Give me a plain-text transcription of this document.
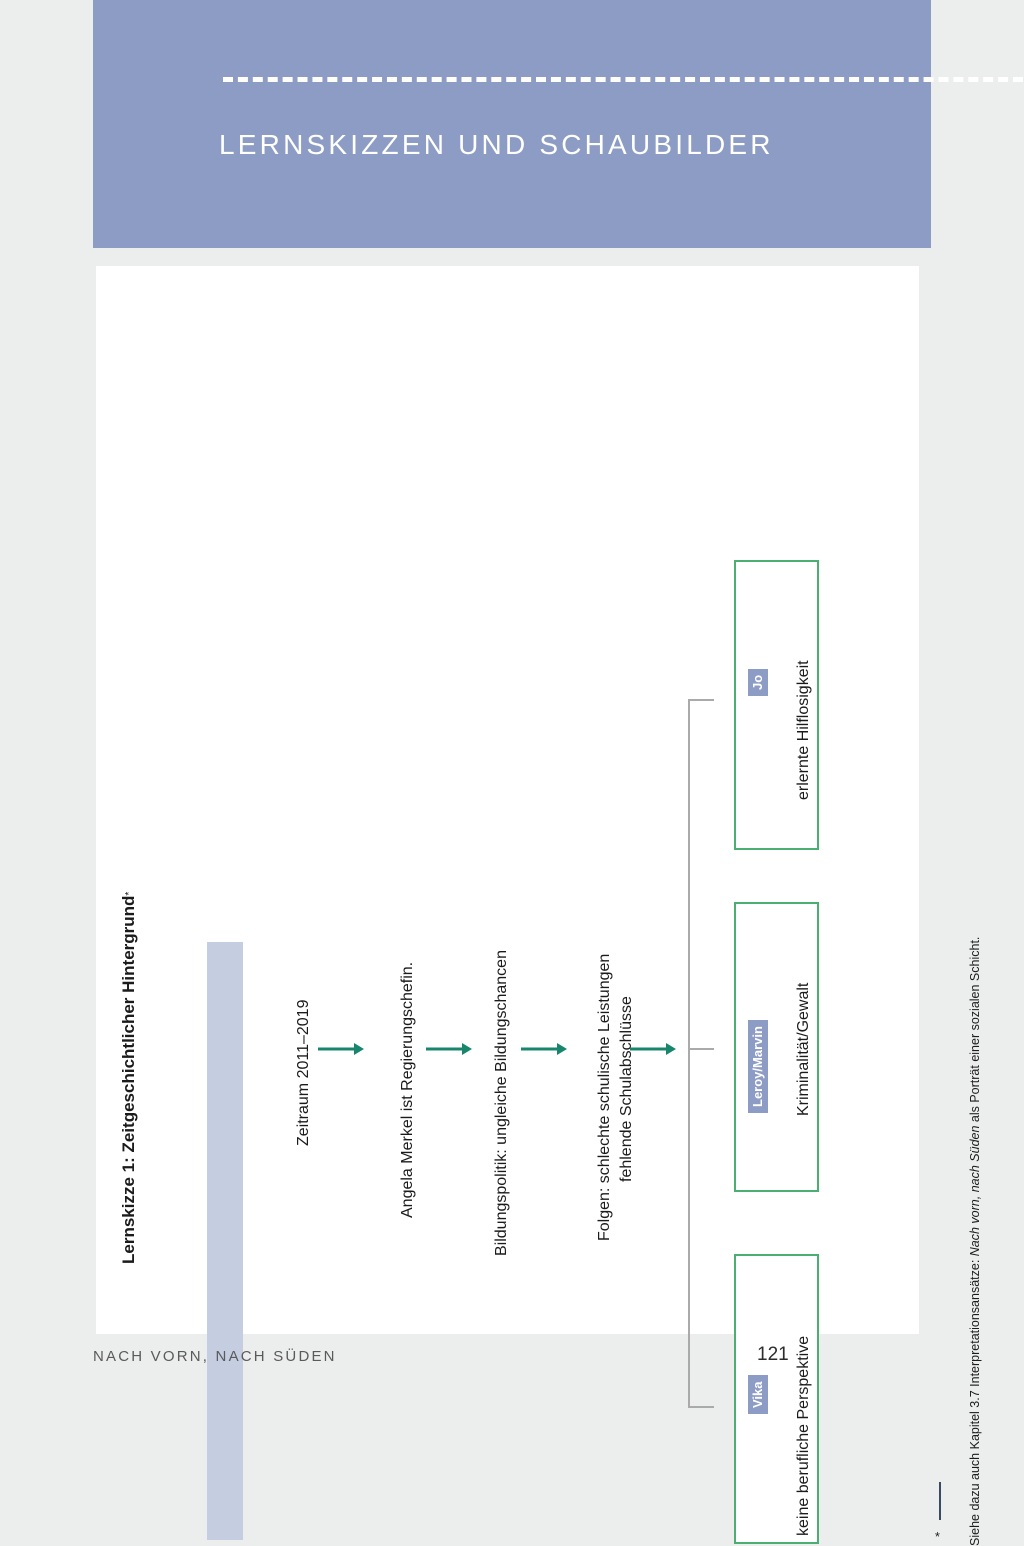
LERNSKIZZEN UND SCHAUBILDER
Zeitraum 2011–2019	Angela Merkel ist Regierungschefin.	Bildungspolitik: ungleiche Bildungschancen	Folgen: schlechte schulische Leistungen fehlende Schulabschlüsse
Jo erlernte Hilflosigkeit
Leroy/Marvin Kriminalität/Gewalt
Vika keine berufliche Perspektive
* Siehe dazu auch Kapitel 3.7 Interpretationsansätze: Nach vorn, nach Süden als Porträt einer sozialen Schicht.
Lernskizze 1: Zeitgeschichtlicher Hintergrund
*
NACH VORN, NACH SÜDEN	121
